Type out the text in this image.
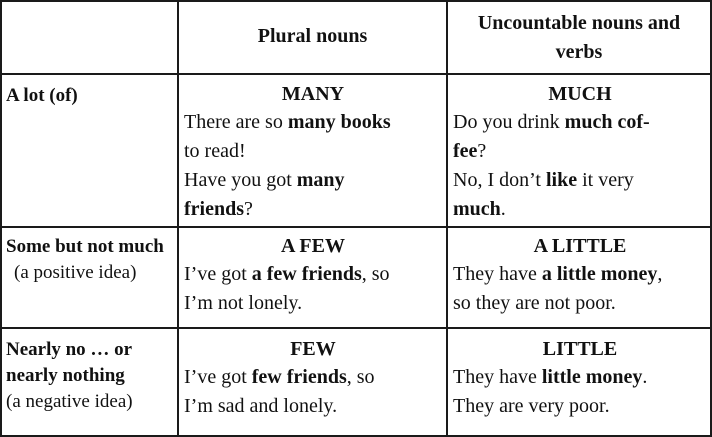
Plural nouns
Uncountable nouns and verbs
A lot (of)	MANY
There are so many books
to read!
Have you got many
friends?
MUCH
Do you drink much cof-
fee?
No, I don’t like it very
much.
Some but not much
(a positive idea)
A FEW
I’ve got a few friends, so
I’m not lonely.
A LITTLE
They have a little money,
so they are not poor.
Nearly no … or nearly nothing
(a negative idea)
FEW
I’ve got few friends, so
I’m sad and lonely.
LITTLE
They have little money.
They are very poor.
